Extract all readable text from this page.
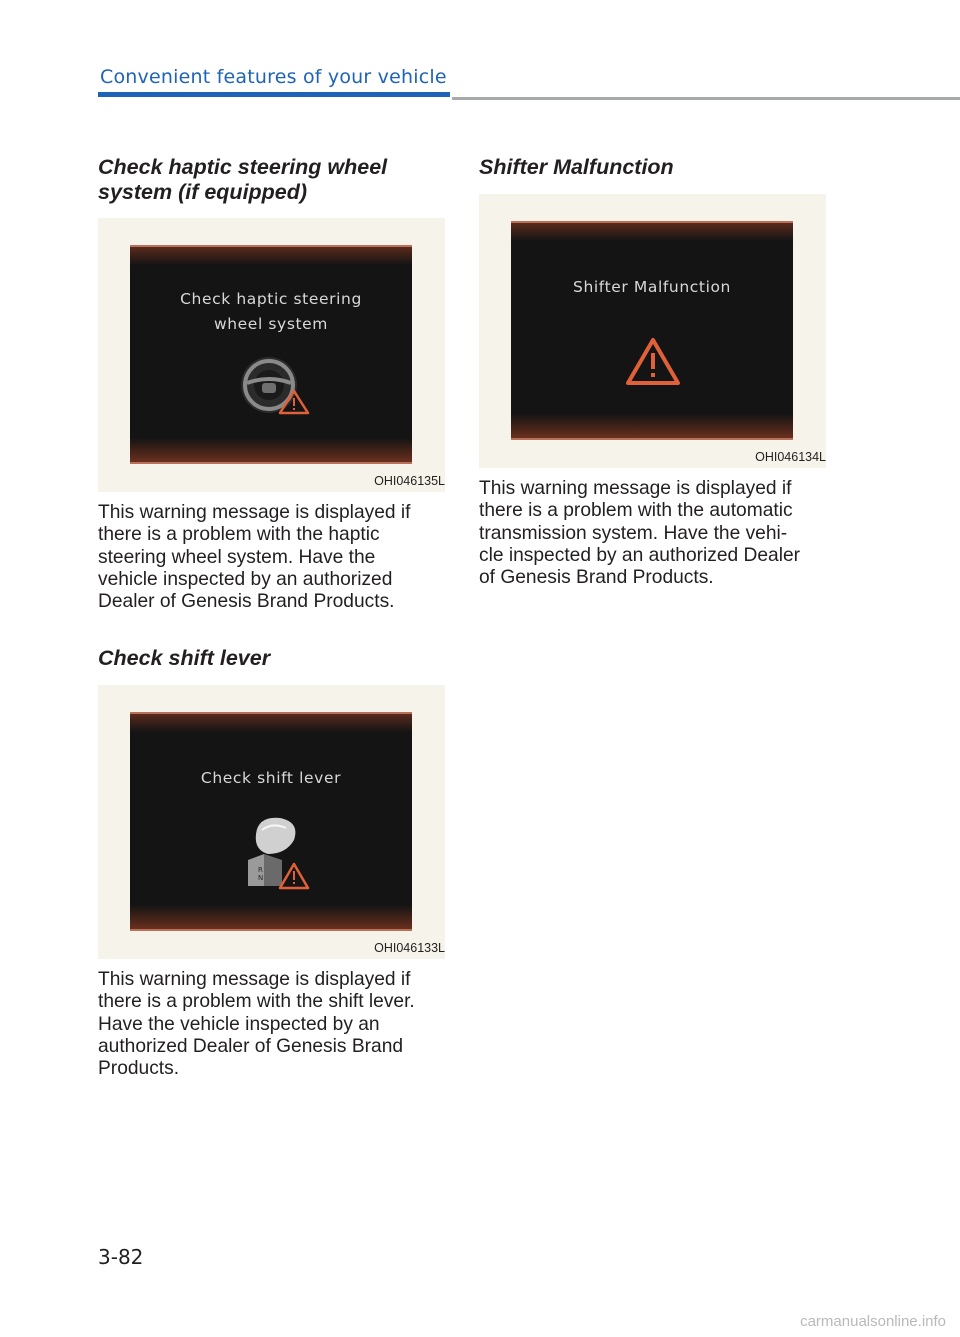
Convenient features of your vehicle
Check haptic steering wheel
system (if equipped)
Check haptic steering
wheel system
OHI046135L
This warning message is displayed if
there is a problem with the haptic
steering wheel system. Have the
vehicle inspected by an authorized
Dealer of Genesis Brand Products.
Check shift lever
Check shift lever
R
N
OHI046133L
This warning message is displayed if
there is a problem with the shift lever.
Have the vehicle inspected by an
authorized Dealer of Genesis Brand
Products.
Shifter Malfunction
Shifter Malfunction
OHI046134L
This warning message is displayed if
there is a problem with the automatic
transmission system. Have the vehi-
cle inspected by an authorized Dealer
of Genesis Brand Products.
3-82
carmanualsonline.info
